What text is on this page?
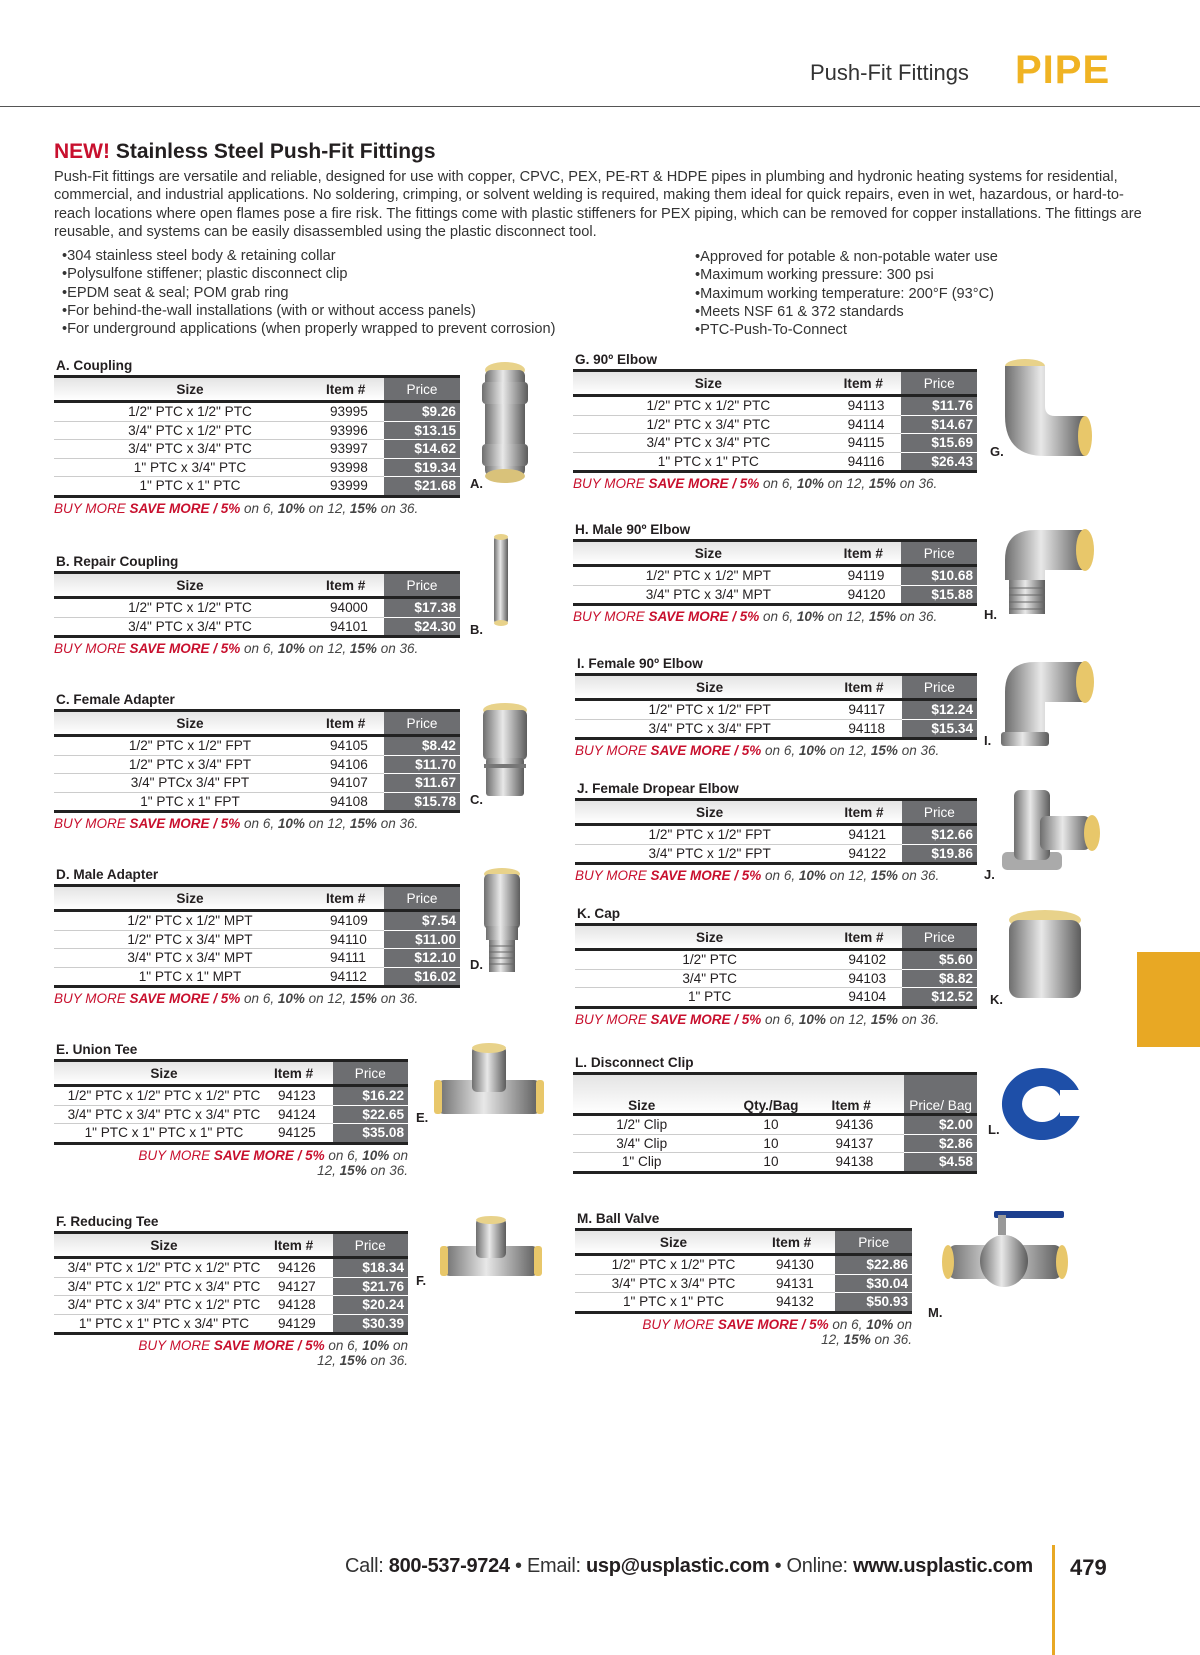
Push-Fit Fittings PIPE
NEW! Stainless Steel Push-Fit Fittings
Push-Fit fittings are versatile and reliable, designed for use with copper, CPVC, PEX, PE-RT & HDPE pipes in plumbing and hydronic heating systems for residential, commercial, and industrial applications. No soldering, crimping, or solvent welding is required, making them ideal for quick repairs, even in wet, hazardous, or hard-to-reach locations where open flames pose a fire risk. The fittings come with plastic stiffeners for PEX piping, which can be removed for copper installations. The fittings are reusable, and systems can be easily disassembled using the plastic disconnect tool.
• 304 stainless steel body & retaining collar
• Polysulfone stiffener; plastic disconnect clip
• EPDM seat & seal; POM grab ring
• For behind-the-wall installations (with or without access panels)
• For underground applications (when properly wrapped to prevent corrosion)
• Approved for potable & non-potable water use
• Maximum working pressure: 300 psi
• Maximum working temperature: 200°F (93°C)
• Meets NSF 61 & 372 standards
• PTC-Push-To-Connect
A. Coupling
Size	Item #	Price
1/2" PTC x 1/2" PTC	93995	$9.26
3/4" PTC x 1/2" PTC	93996	$13.15
3/4" PTC x 3/4" PTC	93997	$14.62
1" PTC x 3/4" PTC	93998	$19.34
1" PTC x 1" PTC	93999	$21.68
BUY MORE SAVE MORE / 5% on 6, 10% on 12, 15% on 36.
B. Repair Coupling
Size	Item #	Price
1/2" PTC x 1/2" PTC	94000	$17.38
3/4" PTC x 3/4" PTC	94101	$24.30
BUY MORE SAVE MORE / 5% on 6, 10% on 12, 15% on 36.
C. Female Adapter
Size	Item #	Price
1/2" PTC x 1/2" FPT	94105	$8.42
1/2" PTC x 3/4" FPT	94106	$11.70
3/4" PTCx 3/4" FPT	94107	$11.67
1" PTC x 1" FPT	94108	$15.78
BUY MORE SAVE MORE / 5% on 6, 10% on 12, 15% on 36.
D. Male Adapter
Size	Item #	Price
1/2" PTC x 1/2" MPT	94109	$7.54
1/2" PTC x 3/4" MPT	94110	$11.00
3/4" PTC x 3/4" MPT	94111	$12.10
1" PTC x 1" MPT	94112	$16.02
BUY MORE SAVE MORE / 5% on 6, 10% on 12, 15% on 36.
E. Union Tee
Size	Item #	Price
1/2" PTC x 1/2" PTC x 1/2" PTC	94123	$16.22
3/4" PTC x 3/4" PTC x 3/4" PTC	94124	$22.65
1" PTC x 1" PTC x 1" PTC	94125	$35.08
BUY MORE SAVE MORE / 5% on 6, 10% on 12, 15% on 36.
F. Reducing Tee
Size	Item #	Price
3/4" PTC x 1/2" PTC x 1/2" PTC	94126	$18.34
3/4" PTC x 1/2" PTC x 3/4" PTC	94127	$21.76
3/4" PTC x 3/4" PTC x 1/2" PTC	94128	$20.24
1" PTC x 1" PTC x 3/4" PTC	94129	$30.39
BUY MORE SAVE MORE / 5% on 6, 10% on 12, 15% on 36.
G. 90º Elbow
Size	Item #	Price
1/2" PTC x 1/2" PTC	94113	$11.76
1/2" PTC x 3/4" PTC	94114	$14.67
3/4" PTC x 3/4" PTC	94115	$15.69
1" PTC x 1" PTC	94116	$26.43
BUY MORE SAVE MORE / 5% on 6, 10% on 12, 15% on 36.
H. Male 90º Elbow
Size	Item #	Price
1/2" PTC x 1/2" MPT	94119	$10.68
3/4" PTC x 3/4" MPT	94120	$15.88
BUY MORE SAVE MORE / 5% on 6, 10% on 12, 15% on 36.
I. Female 90º Elbow
Size	Item #	Price
1/2" PTC x 1/2" FPT	94117	$12.24
3/4" PTC x 3/4" FPT	94118	$15.34
BUY MORE SAVE MORE / 5% on 6, 10% on 12, 15% on 36.
J. Female Dropear Elbow
Size	Item #	Price
1/2" PTC x 1/2" FPT	94121	$12.66
3/4" PTC x 1/2" FPT	94122	$19.86
BUY MORE SAVE MORE / 5% on 6, 10% on 12, 15% on 36.
K. Cap
Size	Item #	Price
1/2" PTC	94102	$5.60
3/4" PTC	94103	$8.82
1" PTC	94104	$12.52
BUY MORE SAVE MORE / 5% on 6, 10% on 12, 15% on 36.
L. Disconnect Clip
Size	Qty./Bag	Item #	Price/ Bag
1/2" Clip	10	94136	$2.00
3/4" Clip	10	94137	$2.86
1" Clip	10	94138	$4.58
M. Ball Valve
Size	Item #	Price
1/2" PTC x 1/2" PTC	94130	$22.86
3/4" PTC x 3/4" PTC	94131	$30.04
1" PTC x 1" PTC	94132	$50.93
BUY MORE SAVE MORE / 5% on 6, 10% on 12, 15% on 36.
A.
B.
C.
D.
E.
F.
G.
H.
I.
J.
K.
L.
M.
Call: 800-537-9724 • Email: usp@usplastic.com • Online: www.usplastic.com 479
